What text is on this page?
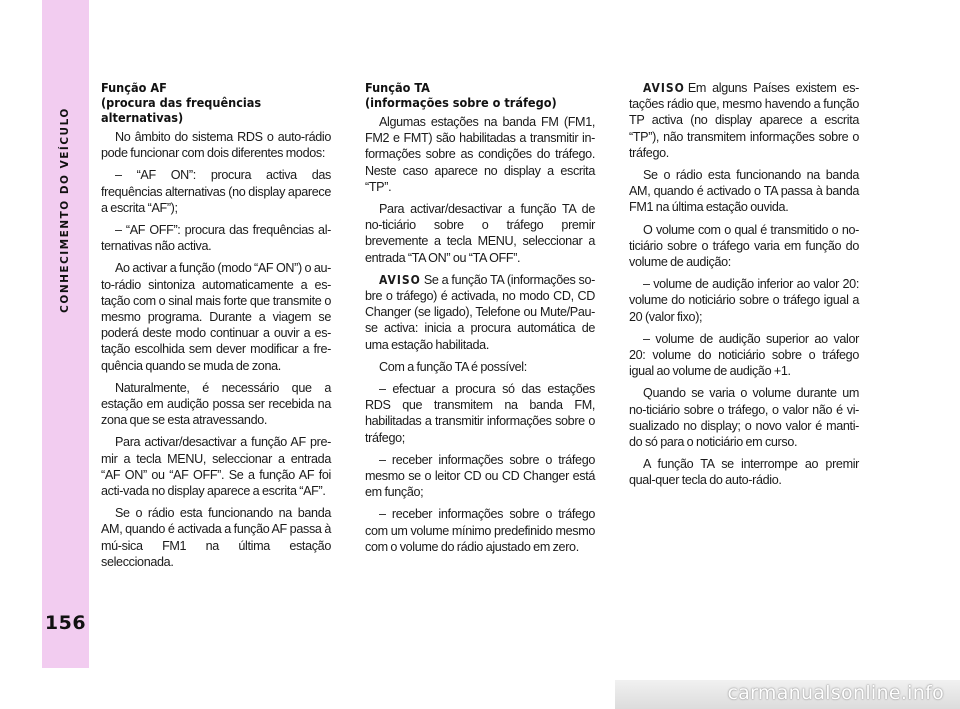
CONHECIMENTO DO VEÍCULO
156
Função AF
(procura das frequências
alternativas)

No âmbito do sistema RDS o auto-rádio pode funcionar com dois diferentes modos:

– “AF ON”: procura activa das frequências alternativas (no display aparece a escrita “AF”);

– “AF OFF”: procura das frequências al-ternativas não activa.

Ao activar a função (modo “AF ON”) o au-to-rádio sintoniza automaticamente a es-tação com o sinal mais forte que transmite o mesmo programa. Durante a viagem se poderá deste modo continuar a ouvir a es-tação escolhida sem dever modificar a fre-quência quando se muda de zona.

Naturalmente, é necessário que a estação em audição possa ser recebida na zona que se esta atravessando.

Para activar/desactivar a função AF pre-mir a tecla MENU, seleccionar a entrada “AF ON” ou “AF OFF”. Se a função AF foi acti-vada no display aparece a escrita “AF”.

Se o rádio esta funcionando na banda AM, quando é activada a função AF passa à mú-sica FM1 na última estação seleccionada.

Função TA
(informações sobre o tráfego)

Algumas estações na banda FM (FM1, FM2 e FMT) são habilitadas a transmitir in-formações sobre as condições do tráfego. Neste caso aparece no display a escrita “TP”.

Para activar/desactivar a função TA de no-ticiário sobre o tráfego premir brevemente a tecla MENU, seleccionar a entrada “TA ON” ou “TA OFF”.

AVISO Se a função TA (informações so-bre o tráfego) é activada, no modo CD, CD Changer (se ligado), Telefone ou Mute/Pau-se activa: inicia a procura automática de uma estação habilitada.

Com a função TA é possível:

– efectuar a procura só das estações RDS que transmitem na banda FM, habilitadas a transmitir informações sobre o tráfego;

– receber informações sobre o tráfego mesmo se o leitor CD ou CD Changer está em função;

– receber informações sobre o tráfego com um volume mínimo predefinido mesmo com o volume do rádio ajustado em zero.

AVISO Em alguns Países existem es-tações rádio que, mesmo havendo a função TP activa (no display aparece a escrita “TP”), não transmitem informações sobre o tráfego.

Se o rádio esta funcionando na banda AM, quando é activado o TA passa à banda FM1 na última estação ouvida.

O volume com o qual é transmitido o no-ticiário sobre o tráfego varia em função do volume de audição:

– volume de audição inferior ao valor 20: volume do noticiário sobre o tráfego igual a 20 (valor fixo);

– volume de audição superior ao valor 20: volume do noticiário sobre o tráfego igual ao volume de audição +1.

Quando se varia o volume durante um no-ticiário sobre o tráfego, o valor não é vi-sualizado no display; o novo valor é manti-do só para o noticiário em curso.

A função TA se interrompe ao premir qual-quer tecla do auto-rádio.

carmanualsonline.info
